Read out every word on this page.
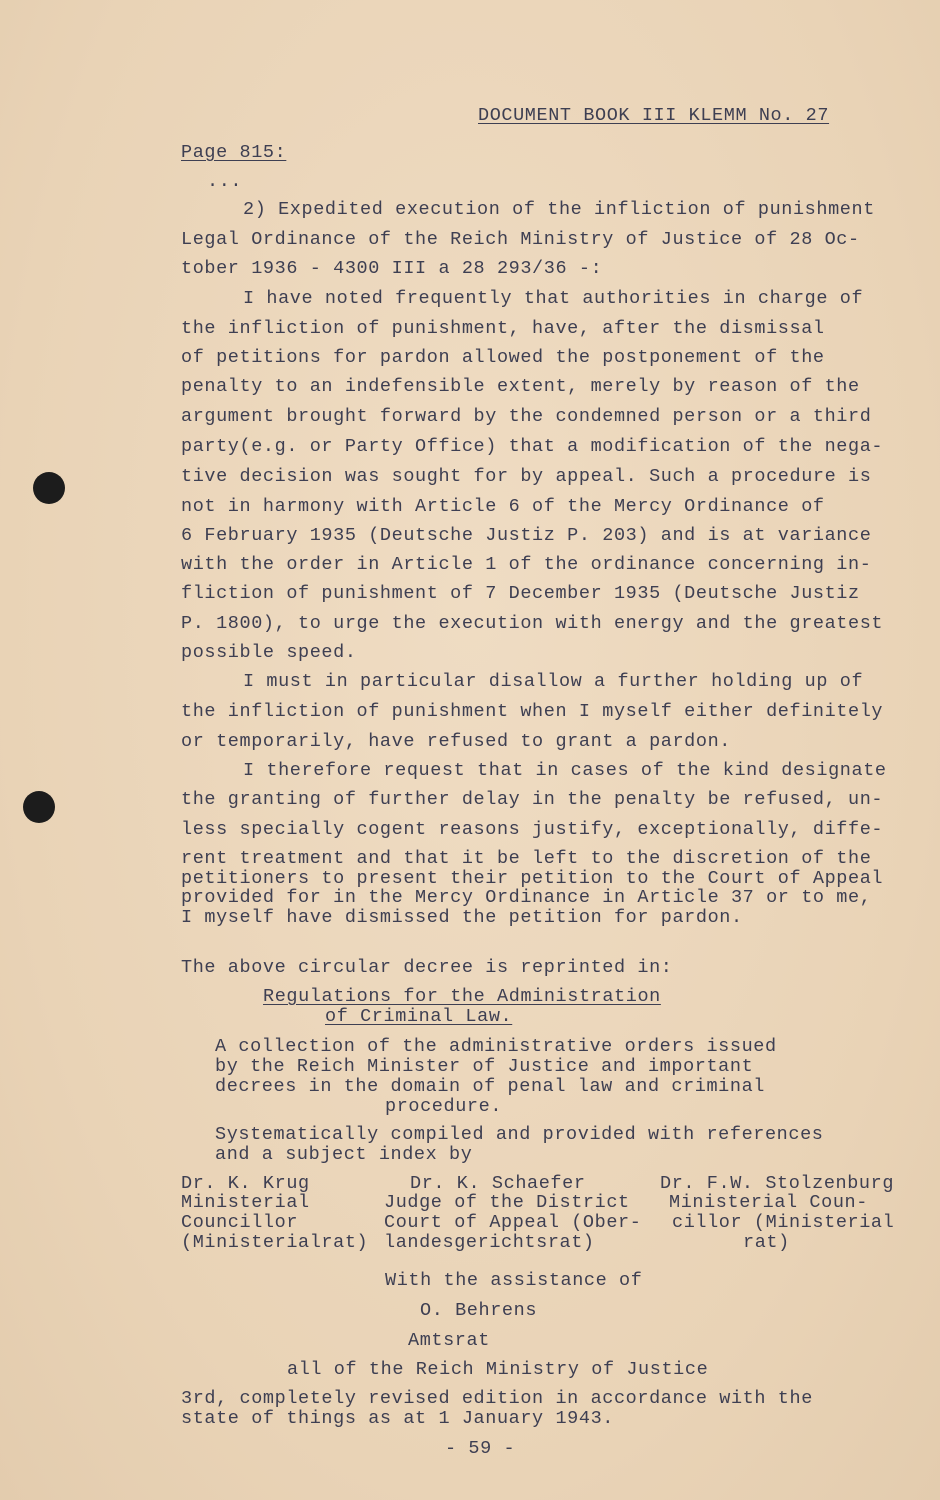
DOCUMENT BOOK III KLEMM No. 27
Page 815:
...
2) Expedited execution of the infliction of punishment
Legal Ordinance of the Reich Ministry of Justice of 28 Oc-
tober 1936 - 4300 III a 28 293/36 -:
I have noted frequently that authorities in charge of
the infliction of punishment, have, after the dismissal
of petitions for pardon allowed the postponement of the
penalty to an indefensible extent, merely by reason of the
argument brought forward by the condemned person or a third
party(e.g. or Party Office) that a modification of the nega-
tive decision was sought for by appeal. Such a procedure is
not in harmony with Article 6 of the Mercy Ordinance of
6 February 1935 (Deutsche Justiz P. 203) and is at variance
with the order in Article 1 of the ordinance concerning in-
fliction of punishment of 7 December 1935 (Deutsche Justiz
P. 1800), to urge the execution with energy and the greatest
possible speed.
I must in particular disallow a further holding up of
the infliction of punishment when I myself either definitely
or temporarily, have refused to grant a pardon.
I therefore request that in cases of the kind designate
the granting of further delay in the penalty be refused, un-
less specially cogent reasons justify, exceptionally, diffe-
rent treatment and that it be left to the discretion of the
petitioners to present their petition to the Court of Appeal
provided for in the Mercy Ordinance in Article 37 or to me,
I myself have dismissed the petition for pardon.
The above circular decree is reprinted in:
Regulations for the Administration
of Criminal Law.
A collection of the administrative orders issued
by the Reich Minister of Justice and important
decrees in the domain of penal law and criminal
procedure.
Systematically compiled and provided with references
and a subject index by
Dr. K. Krug
Ministerial
Councillor
(Ministerialrat)
Dr. K. Schaefer
Judge of the District
Court of Appeal (Ober-
landesgerichtsrat)
Dr. F.W. Stolzenburg
Ministerial Coun-
cillor (Ministerial
rat)
With the assistance of
O. Behrens
Amtsrat
all of the Reich Ministry of Justice
3rd, completely revised edition in accordance with the
state of things as at 1 January 1943.
- 59 -
